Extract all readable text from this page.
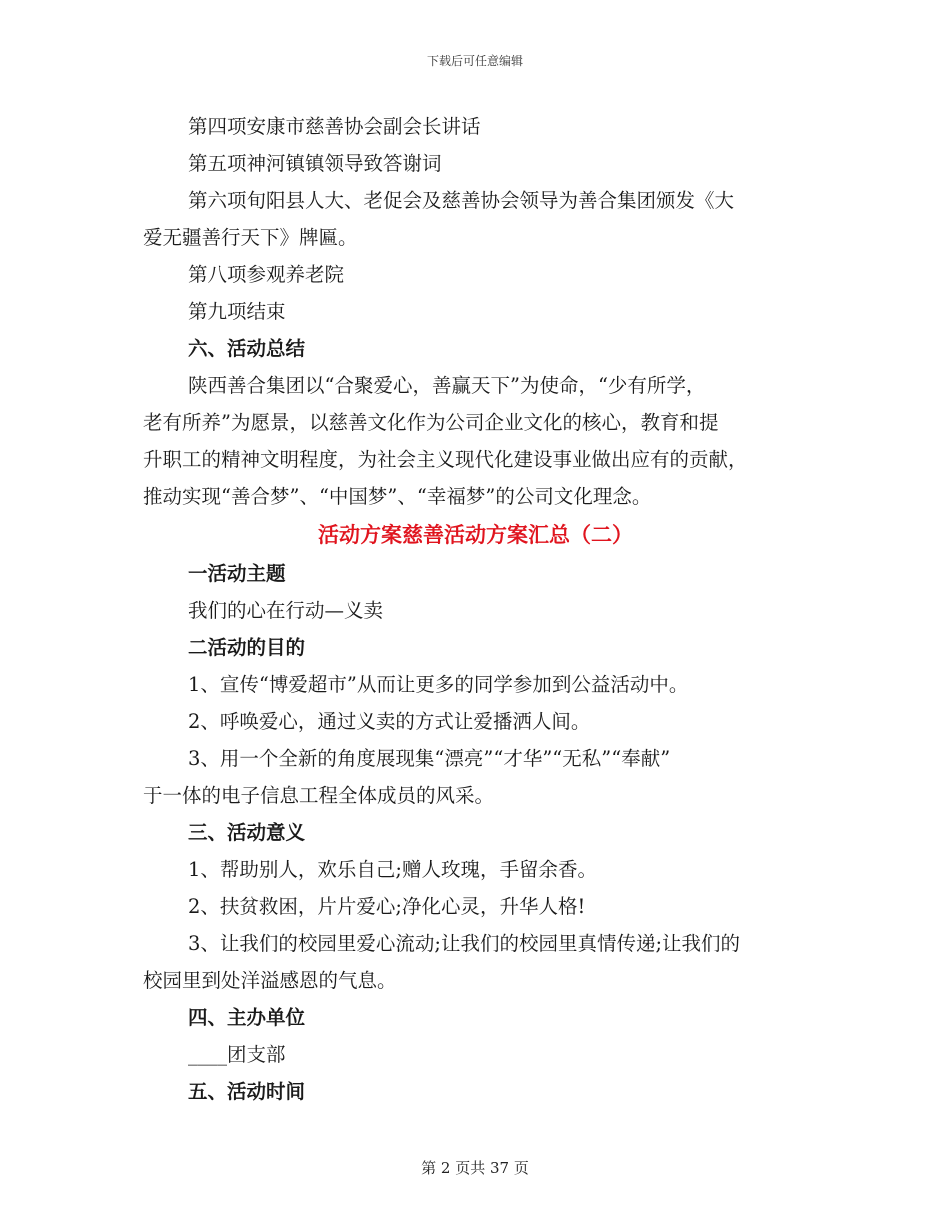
下载后可任意编辑
第四项安康市慈善协会副会长讲话
第五项神河镇镇领导致答谢词
第六项旬阳县人大、老促会及慈善协会领导为善合集团颁发《大
爱无疆善行天下》牌匾。
第八项参观养老院
第九项结束
六、活动总结
陕西善合集团以“合聚爱心，善赢天下”为使命，“少有所学，
老有所养”为愿景，以慈善文化作为公司企业文化的核心，教育和提
升职工的精神文明程度，为社会主义现代化建设事业做出应有的贡献，
推动实现“善合梦”、“中国梦”、“幸福梦”的公司文化理念。
活动方案慈善活动方案汇总（二）
一活动主题
我们的心在行动—义卖
二活动的目的
1、宣传“博爱超市”从而让更多的同学参加到公益活动中。
2、呼唤爱心，通过义卖的方式让爱播洒人间。
3、用一个全新的角度展现集“漂亮”“才华”“无私”“奉献”
于一体的电子信息工程全体成员的风采。
三、活动意义
1、帮助别人，欢乐自己;赠人玫瑰，手留余香。
2、扶贫救困，片片爱心;净化心灵，升华人格!
3、让我们的校园里爱心流动;让我们的校园里真情传递;让我们的
校园里到处洋溢感恩的气息。
四、主办单位
____团支部
五、活动时间
第 2 页共 37 页
